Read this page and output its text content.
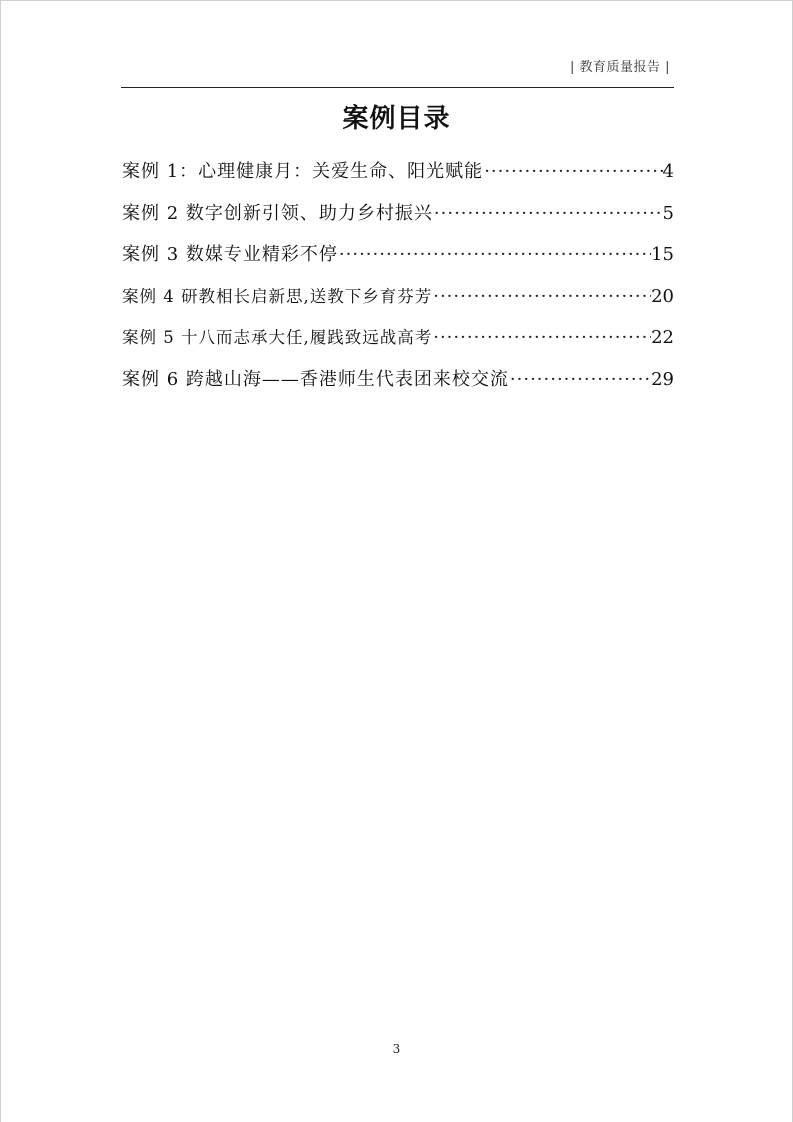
| 教育质量报告 |
案例目录
案例 1：心理健康月：关爱生命、阳光赋能 ·····	4
案例 2 数字创新引领、助力乡村振兴 ·····	5
案例 3 数媒专业精彩不停 ·····	15
案例 4 研教相长启新思,送教下乡育芬芳 ·····	20
案例 5 十八而志承大任,履践致远战高考 ·····	22
案例 6 跨越山海——香港师生代表团来校交流 ·····	29
3
